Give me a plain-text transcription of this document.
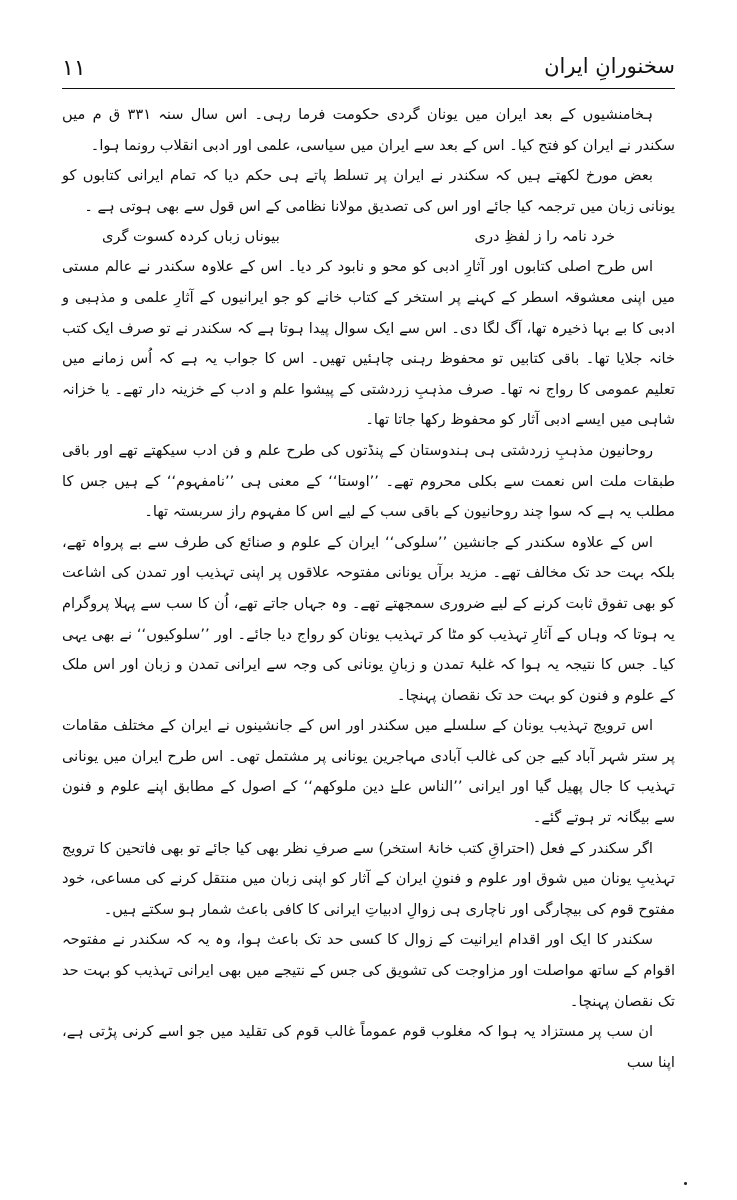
۱۱	سخنورانِ ایران

ہخامنشیوں کے بعد ایران میں یونان گردی حکومت فرما رہی۔ اس سال سنہ ۳۳۱ ق م میں سکندر نے ایران کو فتح کیا۔ اس کے بعد سے ایران میں سیاسی، علمی اور ادبی انقلاب رونما ہوا۔

بعض مورخ لکھتے ہیں کہ سکندر نے ایران پر تسلط پاتے ہی حکم دیا کہ تمام ایرانی کتابوں کو یونانی زبان میں ترجمہ کیا جائے اور اس کی تصدیق مولانا نظامی کے اس قول سے بھی ہوتی ہے ۔

خرد نامہ را ز لفظِ دری
بیوناں زباں کردہ کسوت گری

اس طرح اصلی کتابوں اور آثارِ ادبی کو محو و نابود کر دیا۔ اس کے علاوہ سکندر نے عالم مستی میں اپنی معشوقہ اسطر کے کہنے پر استخر کے کتاب خانے کو جو ایرانیوں کے آثارِ علمی و مذہبی و ادبی کا بے بہا ذخیرہ تھا، آگ لگا دی۔ اس سے ایک سوال پیدا ہوتا ہے کہ سکندر نے تو صرف ایک کتب خانہ جلایا تھا۔ باقی کتابیں تو محفوظ رہنی چاہئیں تھیں۔ اس کا جواب یہ ہے کہ اُس زمانے میں تعلیم عمومی کا رواج نہ تھا۔ صرف مذہبِ زردشتی کے پیشوا علم و ادب کے خزینہ دار تھے۔ یا خزانہ شاہی میں ایسے ادبی آثار کو محفوظ رکھا جاتا تھا۔

روحانیون مذہبِ زردشتی ہی ہندوستان کے پنڈتوں کی طرح علم و فن ادب سیکھتے تھے اور باقی طبقات ملت اس نعمت سے بکلی محروم تھے۔ ’’اوستا‘‘ کے معنی ہی ’’نامفہوم‘‘ کے ہیں جس کا مطلب یہ ہے کہ سوا چند روحانیون کے باقی سب کے لیے اس کا مفہوم راز سربستہ تھا۔

اس کے علاوہ سکندر کے جانشین ’’سلوکی‘‘ ایران کے علوم و صنائع کی طرف سے بے پرواہ تھے، بلکہ بہت حد تک مخالف تھے۔ مزید برآں یونانی مفتوحہ علاقوں پر اپنی تہذیب اور تمدن کی اشاعت کو بھی تفوق ثابت کرنے کے لیے ضروری سمجھتے تھے۔ وہ جہاں جاتے تھے، اُن کا سب سے پہلا پروگرام یہ ہوتا کہ وہاں کے آثارِ تہذیب کو مٹا کر تہذیب یونان کو رواج دیا جائے۔ اور ’’سلوکیوں‘‘ نے بھی یہی کیا۔ جس کا نتیجہ یہ ہوا کہ غلبۂ تمدن و زبانِ یونانی کی وجہ سے ایرانی تمدن و زبان اور اس ملک کے علوم و فنون کو بہت حد تک نقصان پہنچا۔

اس ترویج تہذیب یونان کے سلسلے میں سکندر اور اس کے جانشینوں نے ایران کے مختلف مقامات پر ستر شہر آباد کیے جن کی غالب آبادی مہاجرین یونانی پر مشتمل تھی۔ اس طرح ایران میں یونانی تہذیب کا جال پھیل گیا اور ایرانی ’’الناس علےٰ دین ملوکھم‘‘ کے اصول کے مطابق اپنے علوم و فنون سے بیگانہ تر ہوتے گئے۔

اگر سکندر کے فعل (احتراقِ کتب خانۂ استخر) سے صرفِ نظر بھی کیا جائے تو بھی فاتحین کا ترویج تہذیبِ یونان میں شوق اور علوم و فنونِ ایران کے آثار کو اپنی زبان میں منتقل کرنے کی مساعی، خود مفتوح قوم کی بیچارگی اور ناچاری ہی زوالِ ادبیاتِ ایرانی کا کافی باعث شمار ہو سکتے ہیں۔

سکندر کا ایک اور اقدام ایرانیت کے زوال کا کسی حد تک باعث ہوا، وہ یہ کہ سکندر نے مفتوحہ اقوام کے ساتھ مواصلت اور مزاوجت کی تشویق کی جس کے نتیجے میں بھی ایرانی تہذیب کو بہت حد تک نقصان پہنچا۔

ان سب پر مستزاد یہ ہوا کہ مغلوب قوم عموماً غالب قوم کی تقلید میں جو اسے کرنی پڑتی ہے، اپنا سب
